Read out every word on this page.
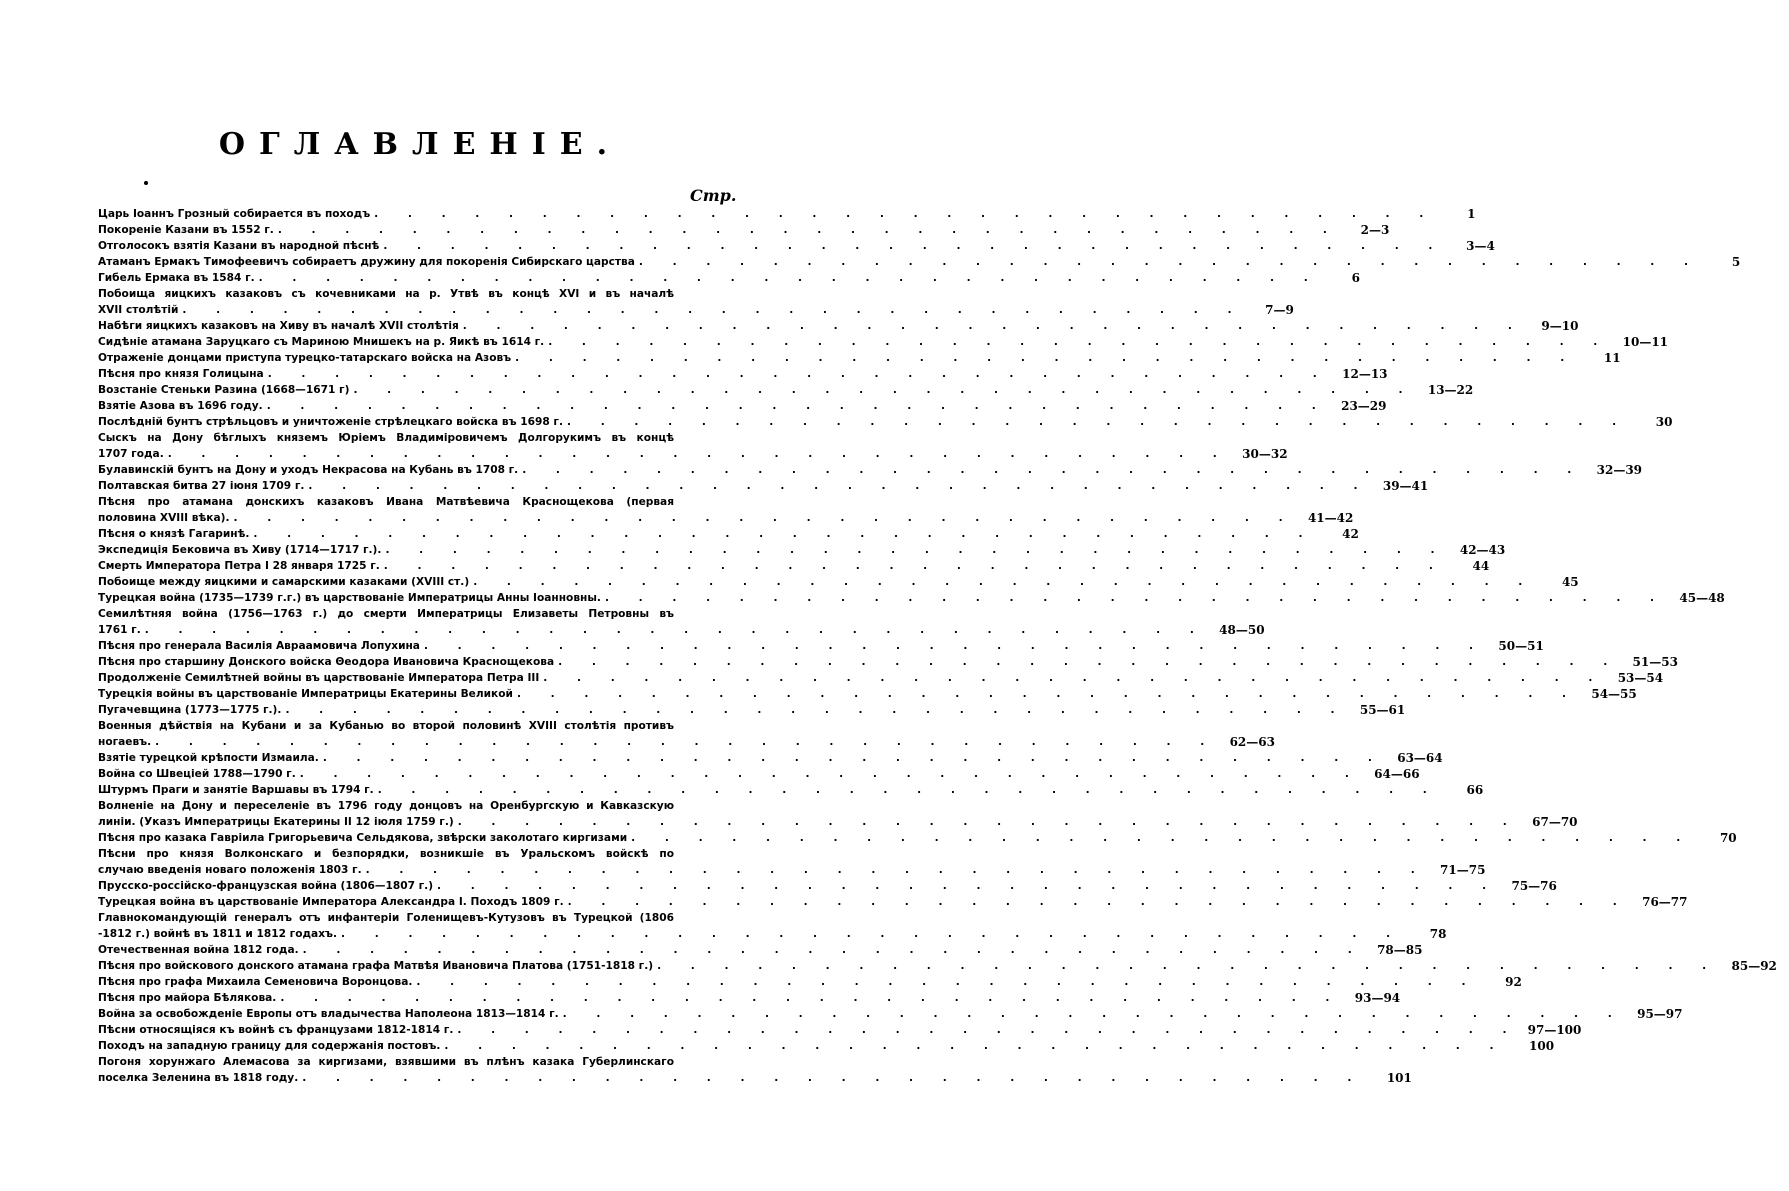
ОГЛАВЛЕНІЕ.
Стр.
Царь Іоаннъ Грозный собирается въ походъ . . . . . . . . . . . . . . . . . . . . . . . . . . . . . . . .	1
Покореніе Казани въ 1552 г. . . . . . . . . . . . . . . . . . . . . . . . . . . . . . . . .	2—3
Отголосокъ взятія Казани въ народной пѣснѣ . . . . . . . . . . . . . . . . . . . . . . . . . . . . . . . .	3—4
Атаманъ Ермакъ Тимофеевичъ собираетъ дружину для покоренія Сибирскаго царства . . . . . . . . . . . . . . . . . . . . . . . . . . . . . . . .	5
Гибель Ермака въ 1584 г. . . . . . . . . . . . . . . . . . . . . . . . . . . . . . . . .	6
Побоища яицкихъ казаковъ съ кочевниками на р. Утвѣ въ концѣ XVI и въ началѣ
XVII столѣтій . . . . . . . . . . . . . . . . . . . . . . . . . . . . . . . .	7—9
Набѣги яицкихъ казаковъ на Хиву въ началѣ XVII столѣтія . . . . . . . . . . . . . . . . . . . . . . . . . . . . . . . .	9—10
Сидѣніе атамана Заруцкаго съ Мариною Мнишекъ на р. Яикѣ въ 1614 г. . . . . . . . . . . . . . . . . . . . . . . . . . . . . . . . .	10—11
Отраженіе донцами приступа турецко-татарскаго войска на Азовъ . . . . . . . . . . . . . . . . . . . . . . . . . . . . . . . .	11
Пѣсня про князя Голицына . . . . . . . . . . . . . . . . . . . . . . . . . . . . . . . .	12—13
Возстаніе Стеньки Разина (1668—1671 г) . . . . . . . . . . . . . . . . . . . . . . . . . . . . . . . .	13—22
Взятіе Азова въ 1696 году. . . . . . . . . . . . . . . . . . . . . . . . . . . . . . . . .	23—29
Послѣдній бунтъ стрѣльцовъ и уничтоженіе стрѣлецкаго войска въ 1698 г. . . . . . . . . . . . . . . . . . . . . . . . . . . . . . . . .	30
Сыскъ на Дону бѣглыхъ княземъ Юріемъ Владиміровичемъ Долгорукимъ въ концѣ
1707 года. . . . . . . . . . . . . . . . . . . . . . . . . . . . . . . . .	30—32
Булавинскій бунтъ на Дону и уходъ Некрасова на Кубань въ 1708 г. . . . . . . . . . . . . . . . . . . . . . . . . . . . . . . . .	32—39
Полтавская битва 27 іюня 1709 г. . . . . . . . . . . . . . . . . . . . . . . . . . . . . . . . .	39—41
Пѣсня про атамана донскихъ казаковъ Ивана Матвѣевича Краснощекова (первая
половина XVIII вѣка). . . . . . . . . . . . . . . . . . . . . . . . . . . . . . . . .	41—42
Пѣсня о князѣ Гагаринѣ. . . . . . . . . . . . . . . . . . . . . . . . . . . . . . . . .	42
Экспедиція Бековича въ Хиву (1714—1717 г.). . . . . . . . . . . . . . . . . . . . . . . . . . . . . . . . .	42—43
Смерть Императора Петра I 28 января 1725 г. . . . . . . . . . . . . . . . . . . . . . . . . . . . . . . . .	44
Побоище между яицкими и самарскими казаками (XVIII ст.) . . . . . . . . . . . . . . . . . . . . . . . . . . . . . . . .	45
Турецкая война (1735—1739 г.г.) въ царствованіе Императрицы Анны Іоанновны. . . . . . . . . . . . . . . . . . . . . . . . . . . . . . . . .	45—48
Семилѣтняя война (1756—1763 г.) до смерти Императрицы Елизаветы Петровны въ
1761 г. . . . . . . . . . . . . . . . . . . . . . . . . . . . . . . . .	48—50
Пѣсня про генерала Василія Авраамовича Лопухина . . . . . . . . . . . . . . . . . . . . . . . . . . . . . . . .	50—51
Пѣсня про старшину Донского войска Θеодора Ивановича Краснощекова . . . . . . . . . . . . . . . . . . . . . . . . . . . . . . . .	51—53
Продолженіе Семилѣтней войны въ царствованіе Императора Петра III . . . . . . . . . . . . . . . . . . . . . . . . . . . . . . . .	53—54
Турецкія войны въ царствованіе Императрицы Екатерины Великой . . . . . . . . . . . . . . . . . . . . . . . . . . . . . . . .	54—55
Пугачевщина (1773—1775 г.). . . . . . . . . . . . . . . . . . . . . . . . . . . . . . . . .	55—61
Военныя дѣйствія на Кубани и за Кубанью во второй половинѣ XVIII столѣтія противъ
ногаевъ. . . . . . . . . . . . . . . . . . . . . . . . . . . . . . . . .	62—63
Взятіе турецкой крѣпости Измаила. . . . . . . . . . . . . . . . . . . . . . . . . . . . . . . . .	63—64
Война со Швеціей 1788—1790 г. . . . . . . . . . . . . . . . . . . . . . . . . . . . . . . . .	64—66
Штурмъ Праги и занятіе Варшавы въ 1794 г. . . . . . . . . . . . . . . . . . . . . . . . . . . . . . . . .	66
Волненіе на Дону и переселеніе въ 1796 году донцовъ на Оренбургскую и Кавказскую
линіи. (Указъ Императрицы Екатерины II 12 іюля 1759 г.) . . . . . . . . . . . . . . . . . . . . . . . . . . . . . . . .	67—70
Пѣсня про казака Гавріила Григорьевича Сельдякова, звѣрски заколотаго киргизами . . . . . . . . . . . . . . . . . . . . . . . . . . . . . . . .	70
Пѣсни про князя Волконскаго и безпорядки, возникшіе въ Уральскомъ войскѣ по
случаю введенія новаго положенія 1803 г. . . . . . . . . . . . . . . . . . . . . . . . . . . . . . . . .	71—75
Прусско-россійско-французская война (1806—1807 г.) . . . . . . . . . . . . . . . . . . . . . . . . . . . . . . . .	75—76
Турецкая война въ царствованіе Императора Александра I. Походъ 1809 г. . . . . . . . . . . . . . . . . . . . . . . . . . . . . . . . .	76—77
Главнокомандующій генералъ отъ инфантеріи Голенищевъ-Кутузовъ въ Турецкой (1806
-1812 г.) войнѣ въ 1811 и 1812 годахъ. . . . . . . . . . . . . . . . . . . . . . . . . . . . . . . . .	78
Отечественная война 1812 года. . . . . . . . . . . . . . . . . . . . . . . . . . . . . . . . .	78—85
Пѣсня про войскового донского атамана графа Матвѣя Ивановича Платова (1751-1818 г.) . . . . . . . . . . . . . . . . . . . . . . . . . . . . . . . .	85—92
Пѣсня про графа Михаила Семеновича Воронцова. . . . . . . . . . . . . . . . . . . . . . . . . . . . . . . . .	92
Пѣсня про майора Бѣлякова. . . . . . . . . . . . . . . . . . . . . . . . . . . . . . . . .	93—94
Война за освобожденіе Европы отъ владычества Наполеона 1813—1814 г. . . . . . . . . . . . . . . . . . . . . . . . . . . . . . . . .	95—97
Пѣсни относящіяся къ войнѣ съ французами 1812-1814 г. . . . . . . . . . . . . . . . . . . . . . . . . . . . . . . . . 97—100
Походъ на западную границу для содержанія постовъ. . . . . . . . . . . . . . . . . . . . . . . . . . . . . . . . .	100
Погоня хорунжаго Алемасова за киргизами, взявшими въ плѣнъ казака Губерлинскаго
поселка Зеленина въ 1818 году. . . . . . . . . . . . . . . . . . . . . . . . . . . . . . . . .	101
